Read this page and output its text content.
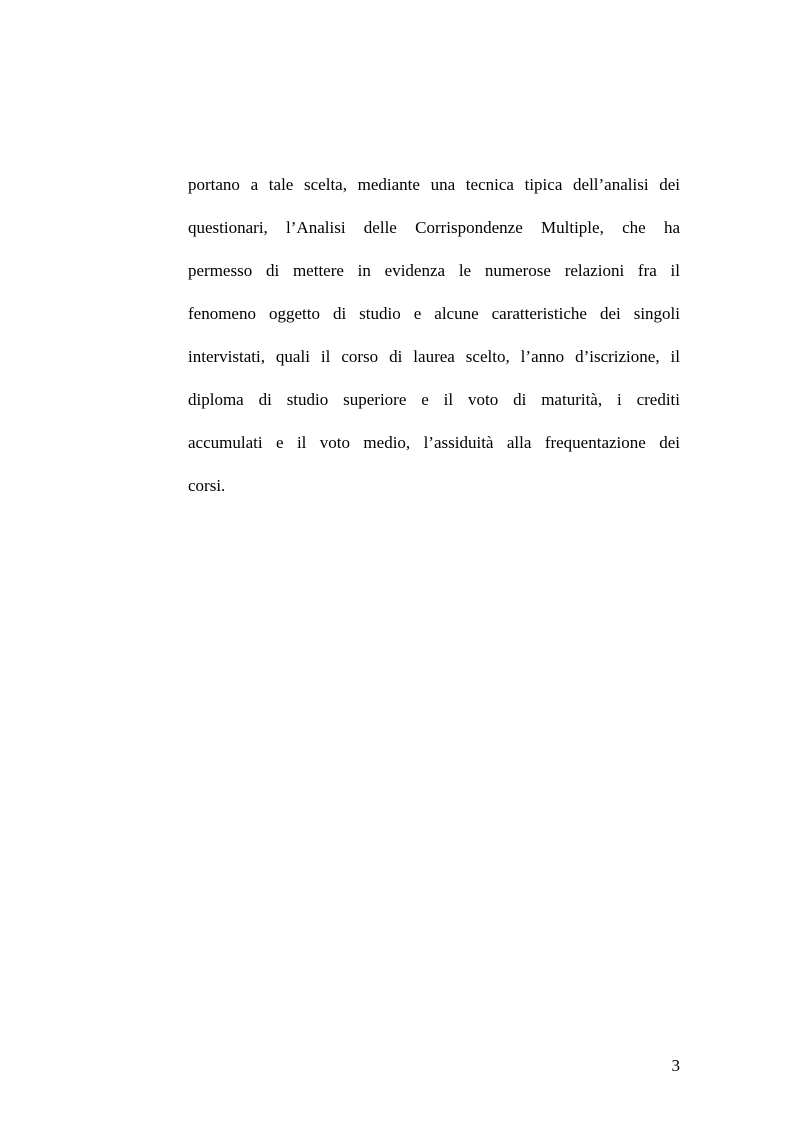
portano a tale scelta, mediante una tecnica tipica dell’analisi dei
questionari, l’Analisi delle Corrispondenze Multiple, che ha
permesso di mettere in evidenza le numerose relazioni fra il
fenomeno oggetto di studio e alcune caratteristiche dei singoli
intervistati, quali il corso di laurea scelto, l’anno d’iscrizione, il
diploma di studio superiore e il voto di maturità, i crediti
accumulati e il voto medio, l’assiduità alla frequentazione dei
corsi.

3
